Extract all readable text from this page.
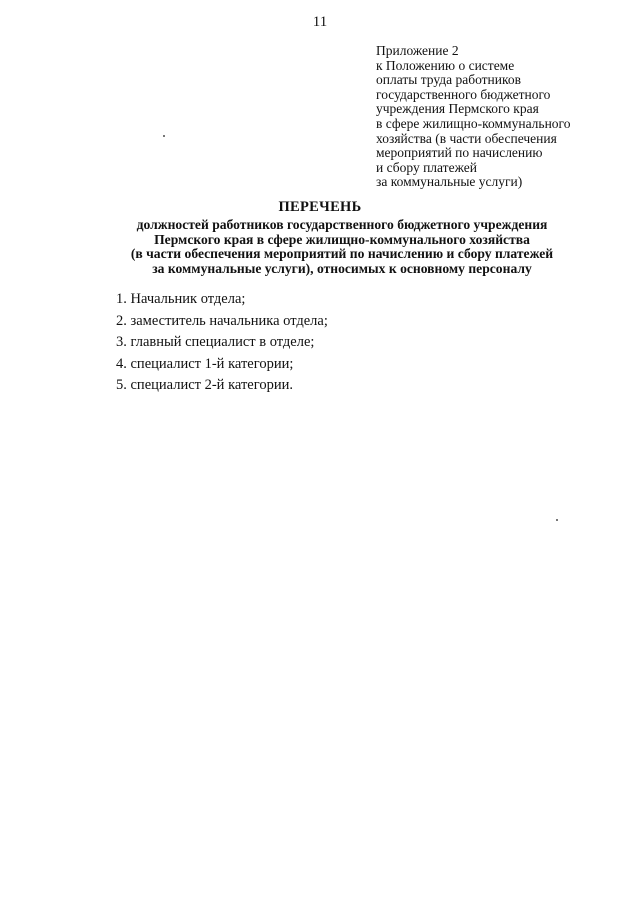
11
Приложение 2
к Положению о системе
оплаты труда работников
государственного бюджетного
учреждения Пермского края
в сфере жилищно-коммунального
хозяйства (в части обеспечения
мероприятий по начислению
и сбору платежей
за коммунальные услуги)
ПЕРЕЧЕНЬ
должностей работников государственного бюджетного учреждения
Пермского края в сфере жилищно-коммунального хозяйства
(в части обеспечения мероприятий по начислению и сбору платежей
за коммунальные услуги), относимых к основному персоналу
1. Начальник отдела;
2. заместитель начальника отдела;
3. главный специалист в отделе;
4. специалист 1-й категории;
5. специалист 2-й категории.
